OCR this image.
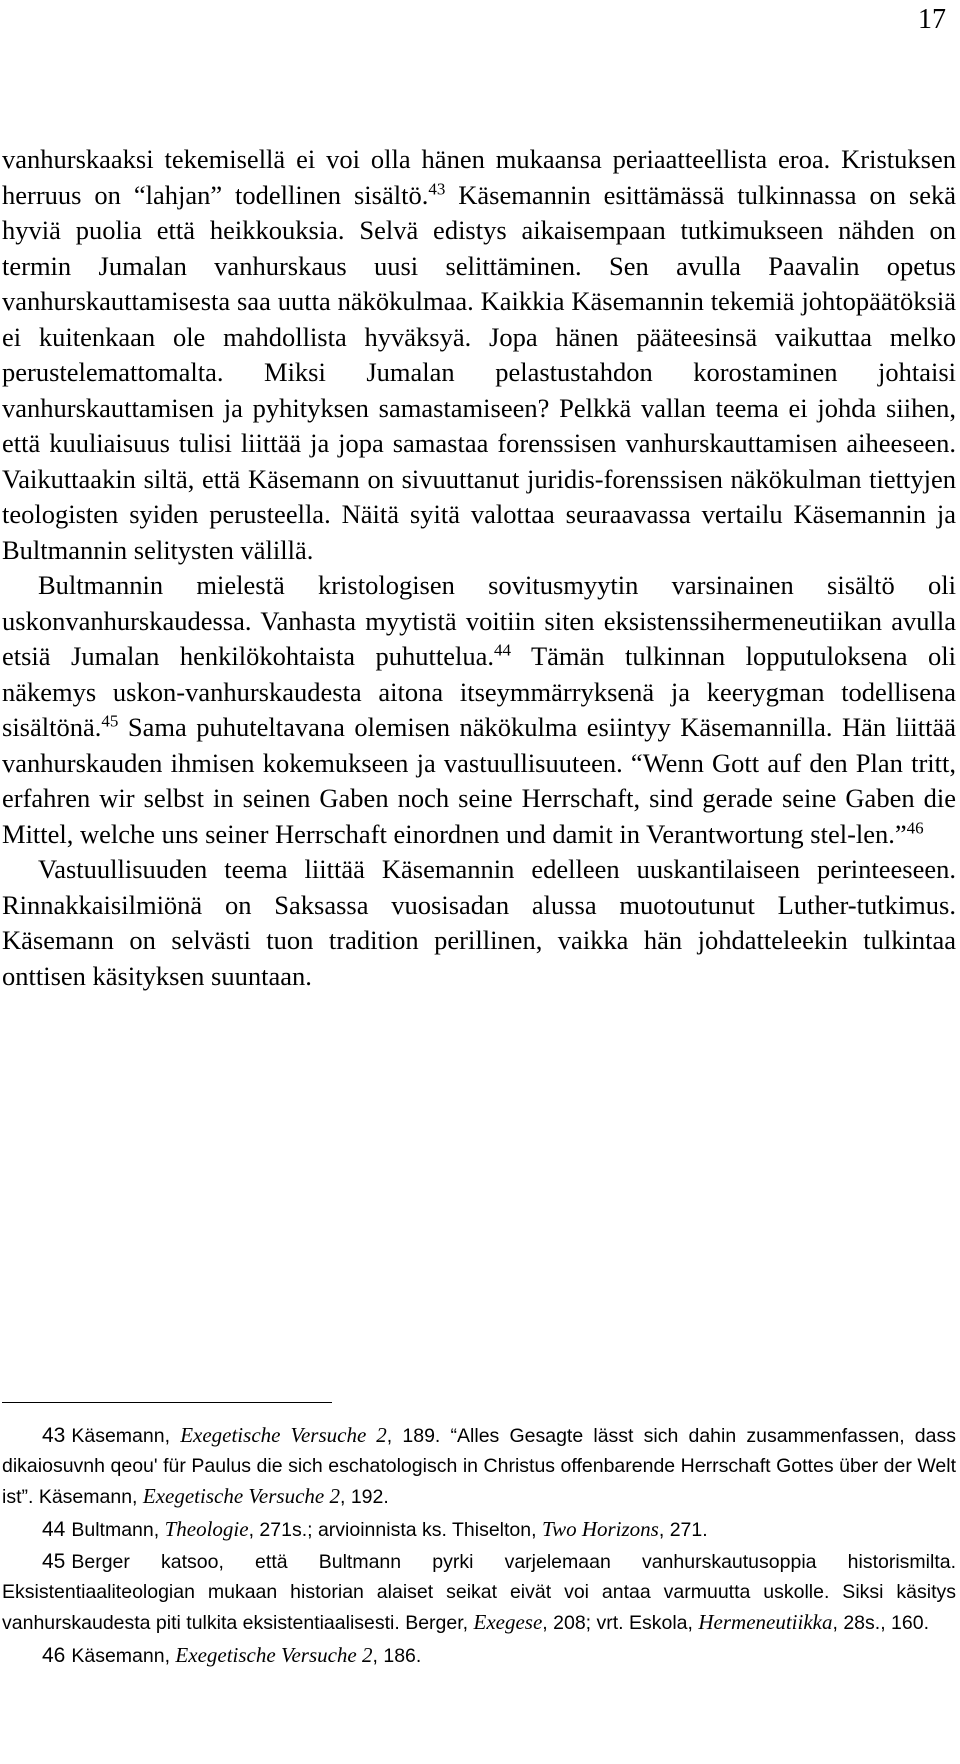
17

vanhurskaaksi tekemisellä ei voi olla hänen mukaansa periaatteellista eroa. Kristuksen herruus on “lahjan” todellinen sisältö.$^{43}$ Käsemannin esittämässä tulkinnassa on sekä hyviä puolia että heikkouksia. Selvä edistys aikaisempaan tutkimukseen nähden on termin Jumalan vanhurskaus uusi selittäminen. Sen avulla Paavalin opetus vanhurskauttamisesta saa uutta näkökulmaa. Kaikkia Käsemannin tekemiä johtopäätöksiä ei kuitenkaan ole mahdollista hyväksyä. Jopa hänen pääteesinsä vaikuttaa melko perustelemattomalta. Miksi Jumalan pelastustahdon korostaminen johtaisi vanhurskauttamisen ja pyhityksen samastamiseen? Pelkkä vallan teema ei johda siihen, että kuuliaisuus tulisi liittää ja jopa samastaa forenssisen vanhurskauttamisen aiheeseen. Vaikuttaakin siltä, että Käsemann on sivuuttanut juridis-forenssisen näkökulman tiettyjen teologisten syiden perusteella. Näitä syitä valottaa seuraavassa vertailu Käsemannin ja Bultmannin selitysten välillä.

Bultmannin mielestä kristologisen sovitusmyytin varsinainen sisältö oli uskonvanhurskaudessa. Vanhasta myytistä voitiin siten eksistenssihermeneutiikan avulla etsiä Jumalan henkilökohtaista puhuttelua.$^{44}$ Tämän tulkinnan lopputuloksena oli näkemys uskon-vanhurskaudesta aitona itseymmärryksenä ja keerygman todellisena sisältönä.$^{45}$ Sama puhuteltavana olemisen näkökulma esiintyy Käsemannilla. Hän liittää vanhurskauden ihmisen kokemukseen ja vastuullisuuteen. “Wenn Gott auf den Plan tritt, erfahren wir selbst in seinen Gaben noch seine Herrschaft, sind gerade seine Gaben die Mittel, welche uns seiner Herrschaft einordnen und damit in Verantwortung stel-len.”$^{46}$

Vastuullisuuden teema liittää Käsemannin edelleen uuskantilaiseen perinteeseen. Rinnakkaisilmiönä on Saksassa vuosisadan alussa muotoutunut Luther-tutkimus. Käsemann on selvästi tuon tradition perillinen, vaikka hän johdatteleekin tulkintaa onttisen käsityksen suuntaan.

43 Käsemann, Exegetische Versuche 2, 189. “Alles Gesagte lässt sich dahin zusammenfassen, dass dikaiosuvnh qeou' für Paulus die sich eschatologisch in Christus offenbarende Herrschaft Gottes über der Welt ist”. Käsemann, Exegetische Versuche 2, 192.

44 Bultmann, Theologie, 271s.; arvioinnista ks. Thiselton, Two Horizons, 271.

45 Berger katsoo, että Bultmann pyrki varjelemaan vanhurskautusoppia historismilta. Eksistentiaaliteologian mukaan historian alaiset seikat eivät voi antaa varmuutta uskolle. Siksi käsitys vanhurskaudesta piti tulkita eksistentiaalisesti. Berger, Exegese, 208; vrt. Eskola, Hermeneutiikka, 28s., 160.

46 Käsemann, Exegetische Versuche 2, 186.
